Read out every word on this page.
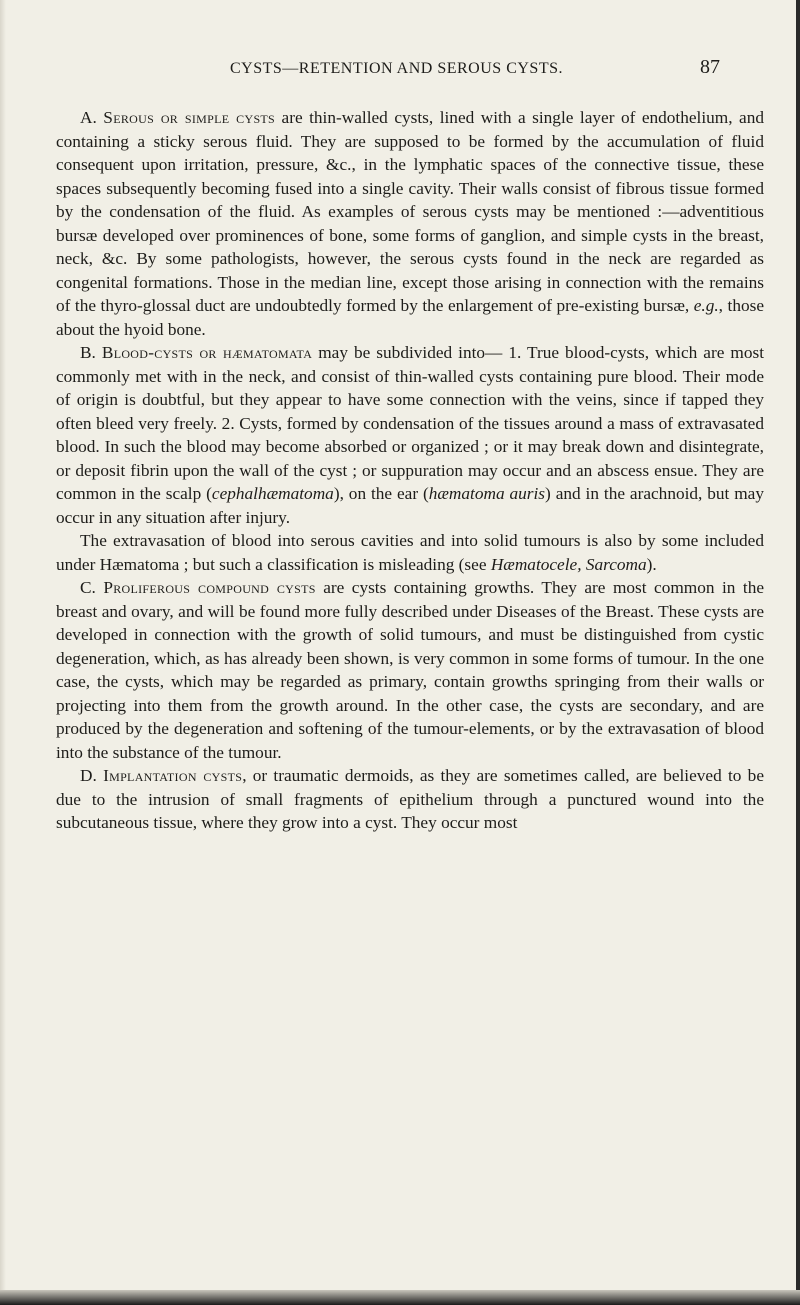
CYSTS—RETENTION AND SEROUS CYSTS.	87

A. Serous or simple cysts are thin-walled cysts, lined with a single layer of endothelium, and containing a sticky serous fluid. They are supposed to be formed by the accumulation of fluid consequent upon irritation, pressure, &c., in the lymphatic spaces of the connective tissue, these spaces subsequently becoming fused into a single cavity. Their walls consist of fibrous tissue formed by the condensation of the fluid. As examples of serous cysts may be mentioned :—adventitious bursæ developed over prominences of bone, some forms of ganglion, and simple cysts in the breast, neck, &c. By some pathologists, however, the serous cysts found in the neck are regarded as congenital formations. Those in the median line, except those arising in connection with the remains of the thyro-glossal duct are undoubtedly formed by the enlargement of pre-existing bursæ, e.g., those about the hyoid bone.

B. Blood-cysts or hæmatomata may be subdivided into— 1. True blood-cysts, which are most commonly met with in the neck, and consist of thin-walled cysts containing pure blood. Their mode of origin is doubtful, but they appear to have some connection with the veins, since if tapped they often bleed very freely. 2. Cysts, formed by condensation of the tissues around a mass of extravasated blood. In such the blood may become absorbed or organized ; or it may break down and disintegrate, or deposit fibrin upon the wall of the cyst ; or suppuration may occur and an abscess ensue. They are common in the scalp (cephalhæmatoma), on the ear (hæmatoma auris) and in the arachnoid, but may occur in any situation after injury.

The extravasation of blood into serous cavities and into solid tumours is also by some included under Hæmatoma ; but such a classification is misleading (see Hæmatocele, Sarcoma).

C. Proliferous compound cysts are cysts containing growths. They are most common in the breast and ovary, and will be found more fully described under Diseases of the Breast. These cysts are developed in connection with the growth of solid tumours, and must be distinguished from cystic degeneration, which, as has already been shown, is very common in some forms of tumour. In the one case, the cysts, which may be regarded as primary, contain growths springing from their walls or projecting into them from the growth around. In the other case, the cysts are secondary, and are produced by the degeneration and softening of the tumour-elements, or by the extravasation of blood into the substance of the tumour.

D. Implantation cysts, or traumatic dermoids, as they are sometimes called, are believed to be due to the intrusion of small fragments of epithelium through a punctured wound into the subcutaneous tissue, where they grow into a cyst. They occur most
